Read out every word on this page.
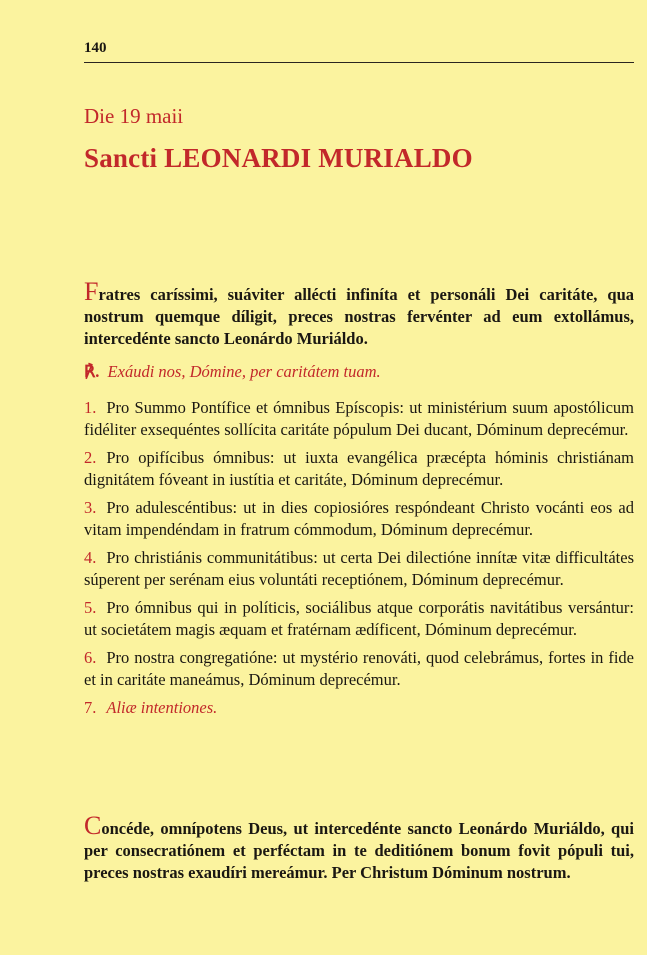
140
Die 19 maii
Sancti LEONARDI MURIALDO
Fratres caríssimi, suáviter allécti infiníta et personáli Dei caritáte, qua nostrum quemque díligit, preces nostras fervénter ad eum extollámus, intercedénte sancto Leonárdo Muriáldo.
℟. Exáudi nos, Dómine, per caritátem tuam.
1. Pro Summo Pontífice et ómnibus Epíscopis: ut ministérium suum apostólicum fidéliter exsequéntes sollícita caritáte pópulum Dei ducant, Dóminum deprecémur.
2. Pro opifícibus ómnibus: ut iuxta evangélica præcépta hóminis christiánam dignitátem fóveant in iustítia et caritáte, Dóminum deprecémur.
3. Pro adulescéntibus: ut in dies copiosióres respóndeant Christo vocánti eos ad vitam impendéndam in fratrum cómmodum, Dóminum deprecémur.
4. Pro christiánis communitátibus: ut certa Dei dilectióne innítæ vitæ difficultátes súperent per serénam eius voluntáti receptiónem, Dóminum deprecémur.
5. Pro ómnibus qui in políticis, sociálibus atque corporátis navitátibus versántur: ut societátem magis æquam et fratérnam ædíficent, Dóminum deprecémur.
6. Pro nostra congregatióne: ut mystério renováti, quod celebrámus, fortes in fide et in caritáte maneámus, Dóminum deprecémur.
7. Aliæ intentiones.
Concéde, omnípotens Deus, ut intercedénte sancto Leonárdo Muriáldo, qui per consecratiónem et perféctam in te deditiónem bonum fovit pópuli tui, preces nostras exaudíri mereámur. Per Christum Dóminum nostrum.
